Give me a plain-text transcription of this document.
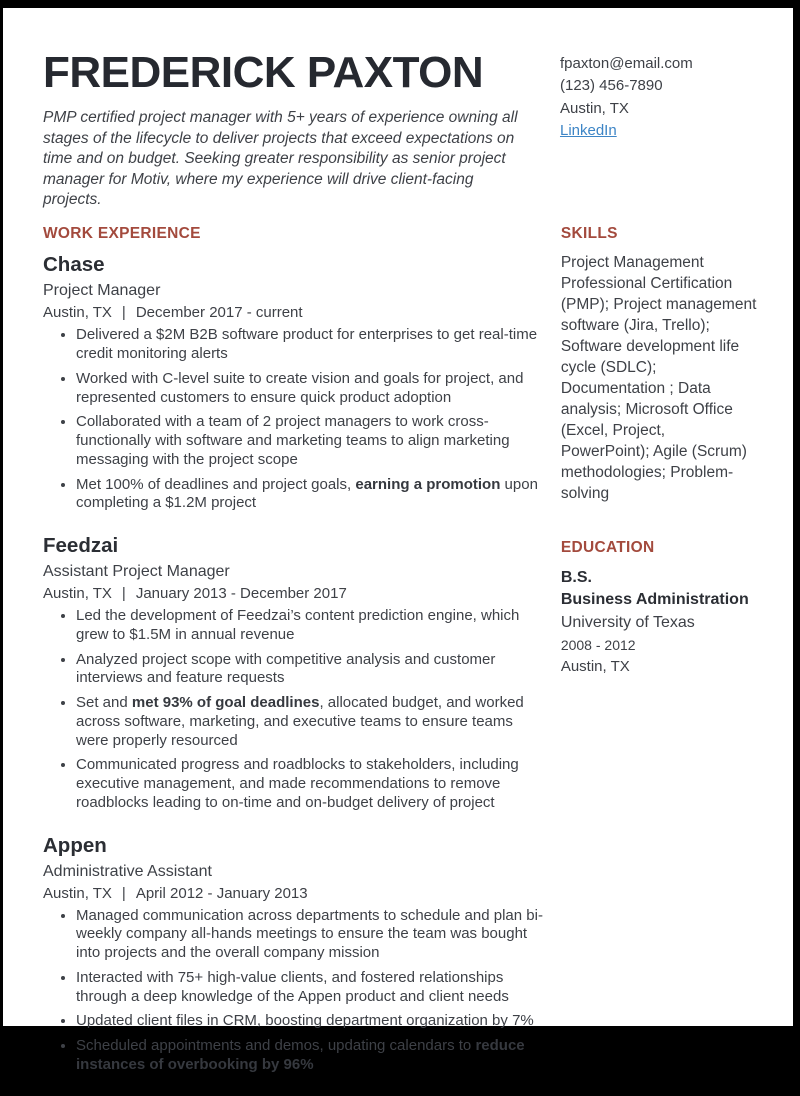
FREDERICK PAXTON

PMP certified project manager with 5+ years of experience owning all stages of the lifecycle to deliver projects that exceed expectations on time and on budget. Seeking greater responsibility as senior project manager for Motiv, where my experience will drive client-facing projects.

fpaxton@email.com
(123) 456-7890
Austin, TX
LinkedIn
WORK EXPERIENCE
Chase

Project Manager

Austin, TX | December 2017 - current

• Delivered a $2M B2B software product for enterprises to get real-time credit monitoring alerts
• Worked with C-level suite to create vision and goals for project, and represented customers to ensure quick product adoption
• Collaborated with a team of 2 project managers to work cross-functionally with software and marketing teams to align marketing messaging with the project scope
• Met 100% of deadlines and project goals, earning a promotion upon completing a $1.2M project
Feedzai

Assistant Project Manager

Austin, TX | January 2013 - December 2017

• Led the development of Feedzai’s content prediction engine, which grew to $1.5M in annual revenue
• Analyzed project scope with competitive analysis and customer interviews and feature requests
• Set and met 93% of goal deadlines, allocated budget, and worked across software, marketing, and executive teams to ensure teams were properly resourced
• Communicated progress and roadblocks to stakeholders, including executive management, and made recommendations to remove roadblocks leading to on-time and on-budget delivery of project
Appen

Administrative Assistant

Austin, TX | April 2012 - January 2013

• Managed communication across departments to schedule and plan bi-weekly company all-hands meetings to ensure the team was bought into projects and the overall company mission
• Interacted with 75+ high-value clients, and fostered relationships through a deep knowledge of the Appen product and client needs
• Updated client files in CRM, boosting department organization by 7%
• Scheduled appointments and demos, updating calendars to reduce instances of overbooking by 96%
SKILLS

Project Management Professional Certification (PMP); Project management software (Jira, Trello); Software development life cycle (SDLC); Documentation ; Data analysis; Microsoft Office (Excel, Project, PowerPoint); Agile (Scrum) methodologies; Problem-solving

EDUCATION
B.S.
Business Administration
University of Texas
2008 - 2012
Austin, TX
